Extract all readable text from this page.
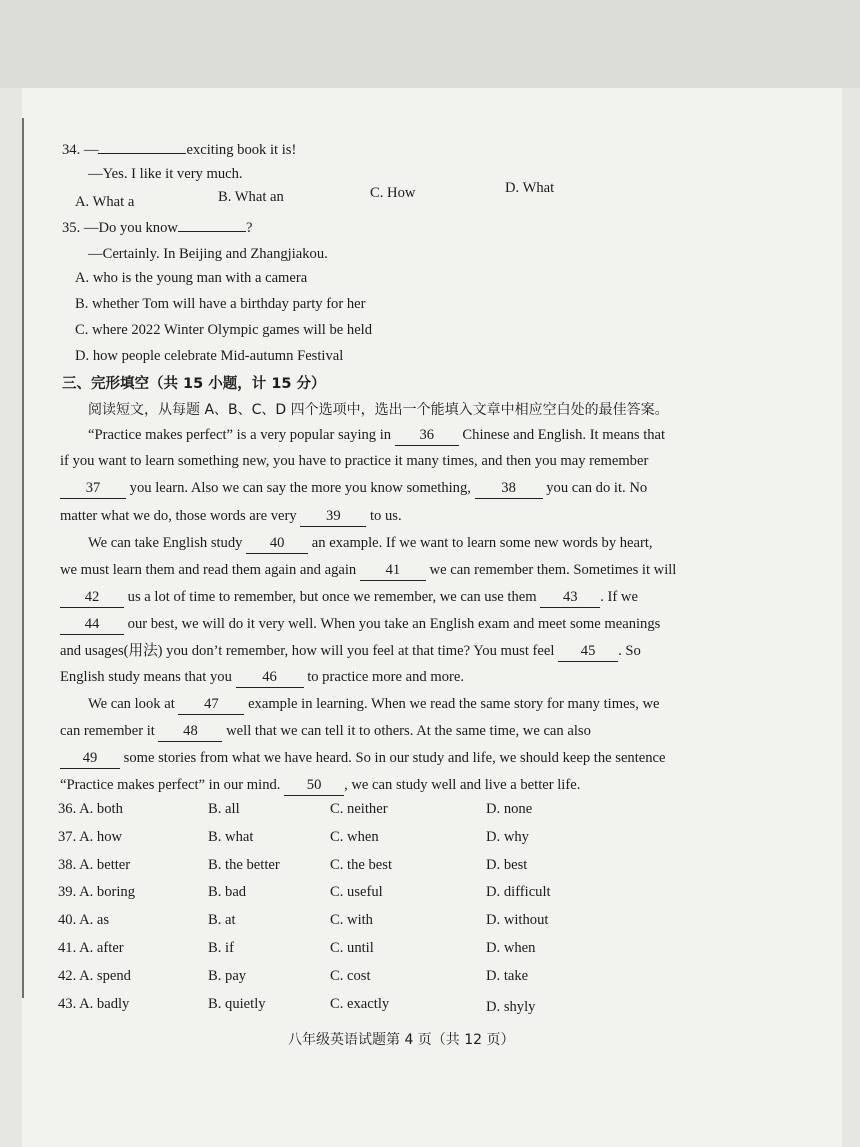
34. —	exciting book it is!
—Yes. I like it very much.
A. What a	B. What an	C. How	D. What
35. —Do you know	?
—Certainly. In Beijing and Zhangjiakou.
A. who is the young man with a camera
B. whether Tom will have a birthday party for her
C. where 2022 Winter Olympic games will be held
D. how people celebrate Mid-autumn Festival
三、完形填空（共 15 小题，计 15 分）
阅读短文，从每题 A、B、C、D 四个选项中，选出一个能填入文章中相应空白处的最佳答案。
“Practice makes perfect” is a very popular saying in 36 Chinese and English. It means that
if you want to learn something new, you have to practice it many times, and then you may remember
37 you learn. Also we can say the more you know something, 38 you can do it. No
matter what we do, those words are very 39 to us.
We can take English study 40 an example. If we want to learn some new words by heart,
we must learn them and read them again and again 41 we can remember them. Sometimes it will
42 us a lot of time to remember, but once we remember, we can use them 43 . If we
44 our best, we will do it very well. When you take an English exam and meet some meanings
and usages(用法) you don’t remember, how will you feel at that time? You must feel 45 . So
English study means that you 46 to practice more and more.
We can look at 47 example in learning. When we read the same story for many times, we
can remember it 48 well that we can tell it to others. At the same time, we can also
49 some stories from what we have heard. So in our study and life, we should keep the sentence
“Practice makes perfect” in our mind. 50 , we can study well and live a better life.
36. A. both	B. all	C. neither	D. none
37. A. how	B. what	C. when	D. why
38. A. better	B. the better	C. the best	D. best
39. A. boring	B. bad	C. useful	D. difficult
40. A. as	B. at	C. with	D. without
41. A. after	B. if	C. until	D. when
42. A. spend	B. pay	C. cost	D. take
43. A. badly	B. quietly	C. exactly	D. shyly
八年级英语试题第 4 页（共 12 页）
